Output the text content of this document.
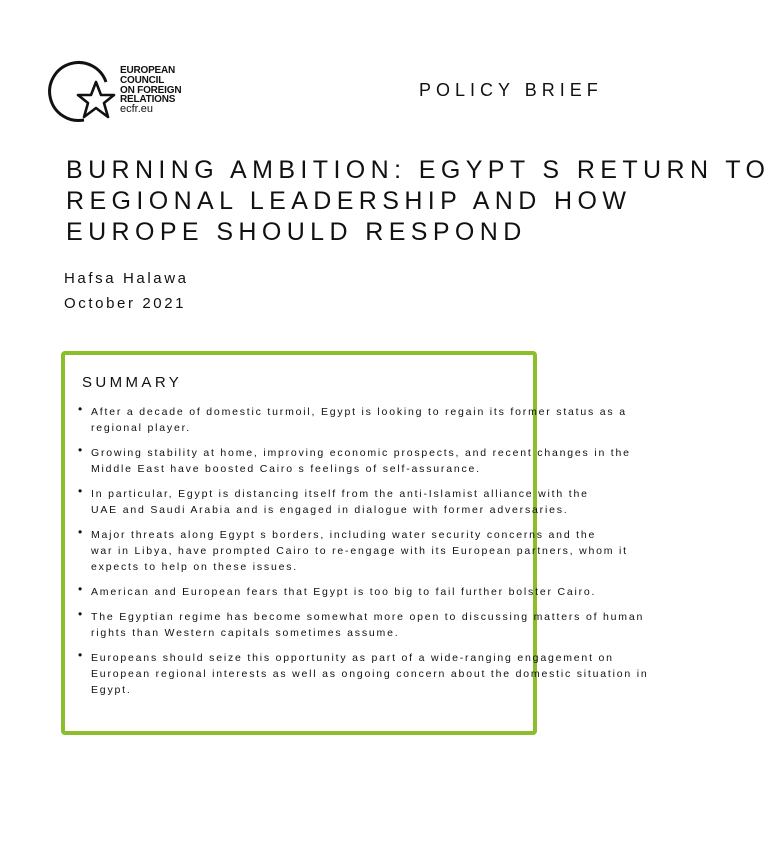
EUROPEAN
COUNCIL
ON FOREIGN
RELATIONS
ecfr.eu
POLICY BRIEF
BURNING AMBITION: EGYPT S RETURN TO
REGIONAL LEADERSHIP AND HOW
EUROPE SHOULD RESPOND
Hafsa Halawa
October 2021
SUMMARY
• After a decade of domestic turmoil, Egypt is looking to regain its former status as a
regional player.
• Growing stability at home, improving economic prospects, and recent changes in the
Middle East have boosted Cairo s feelings of self-assurance.
• In particular, Egypt is distancing itself from the anti-Islamist alliance with the
UAE and Saudi Arabia and is engaged in dialogue with former adversaries.
• Major threats along Egypt s borders, including water security concerns and the
war in Libya, have prompted Cairo to re-engage with its European partners, whom it
expects to help on these issues.
• American and European fears that Egypt is too big to fail further bolster Cairo.
• The Egyptian regime has become somewhat more open to discussing matters of human
rights than Western capitals sometimes assume.
• Europeans should seize this opportunity as part of a wide-ranging engagement on
European regional interests as well as ongoing concern about the domestic situation in
Egypt.
